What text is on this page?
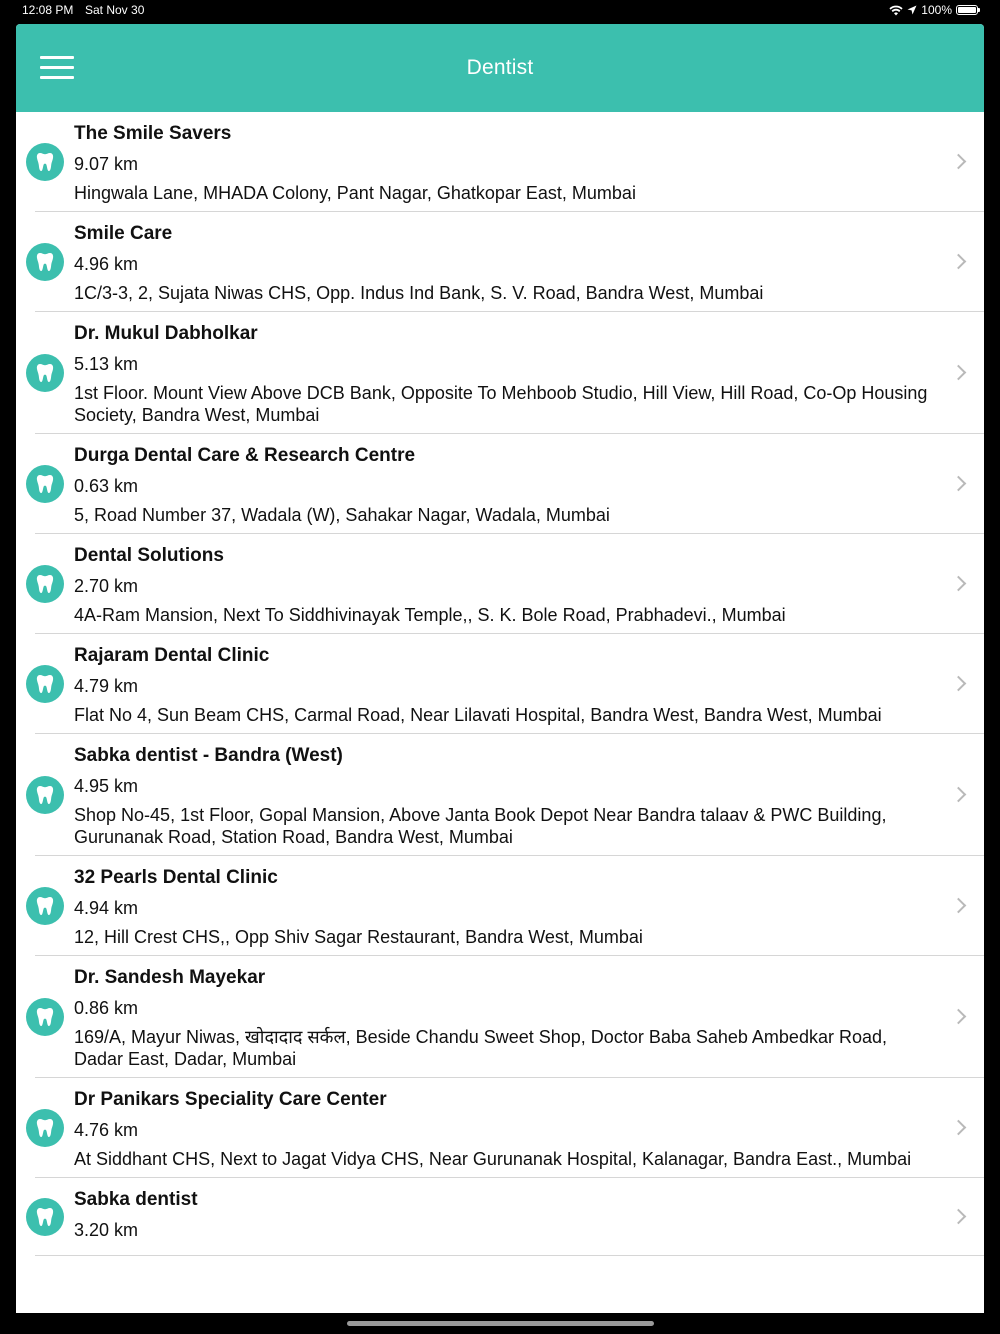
12:08 PM Sat Nov 30	100%
Dentist
The Smile Savers
9.07 km
Hingwala Lane, MHADA Colony, Pant Nagar, Ghatkopar East, Mumbai
Smile Care
4.96 km
1C/3-3, 2, Sujata Niwas CHS, Opp. Indus Ind Bank, S. V. Road, Bandra West, Mumbai
Dr. Mukul Dabholkar
5.13 km
1st Floor. Mount View Above DCB Bank, Opposite To Mehboob Studio, Hill View, Hill Road, Co-Op Housing Society, Bandra West, Mumbai
Durga Dental Care & Research Centre
0.63 km
5, Road Number 37, Wadala (W), Sahakar Nagar, Wadala, Mumbai
Dental Solutions
2.70 km
4A-Ram Mansion, Next To Siddhivinayak Temple,, S. K. Bole Road, Prabhadevi., Mumbai
Rajaram Dental Clinic
4.79 km
Flat No 4, Sun Beam CHS, Carmal Road, Near Lilavati Hospital, Bandra West, Bandra West, Mumbai
Sabka dentist - Bandra (West)
4.95 km
Shop No-45, 1st Floor, Gopal Mansion, Above Janta Book Depot Near Bandra talaav & PWC Building, Gurunanak Road, Station Road, Bandra West, Mumbai
32 Pearls Dental Clinic
4.94 km
12, Hill Crest CHS,, Opp Shiv Sagar Restaurant, Bandra West, Mumbai
Dr. Sandesh Mayekar
0.86 km
169/A, Mayur Niwas, खोदादाद सर्कल, Beside Chandu Sweet Shop, Doctor Baba Saheb Ambedkar Road, Dadar East, Dadar, Mumbai
Dr Panikars Speciality Care Center
4.76 km
At Siddhant CHS, Next to Jagat Vidya CHS, Near Gurunanak Hospital, Kalanagar, Bandra East., Mumbai
Sabka dentist
3.20 km
